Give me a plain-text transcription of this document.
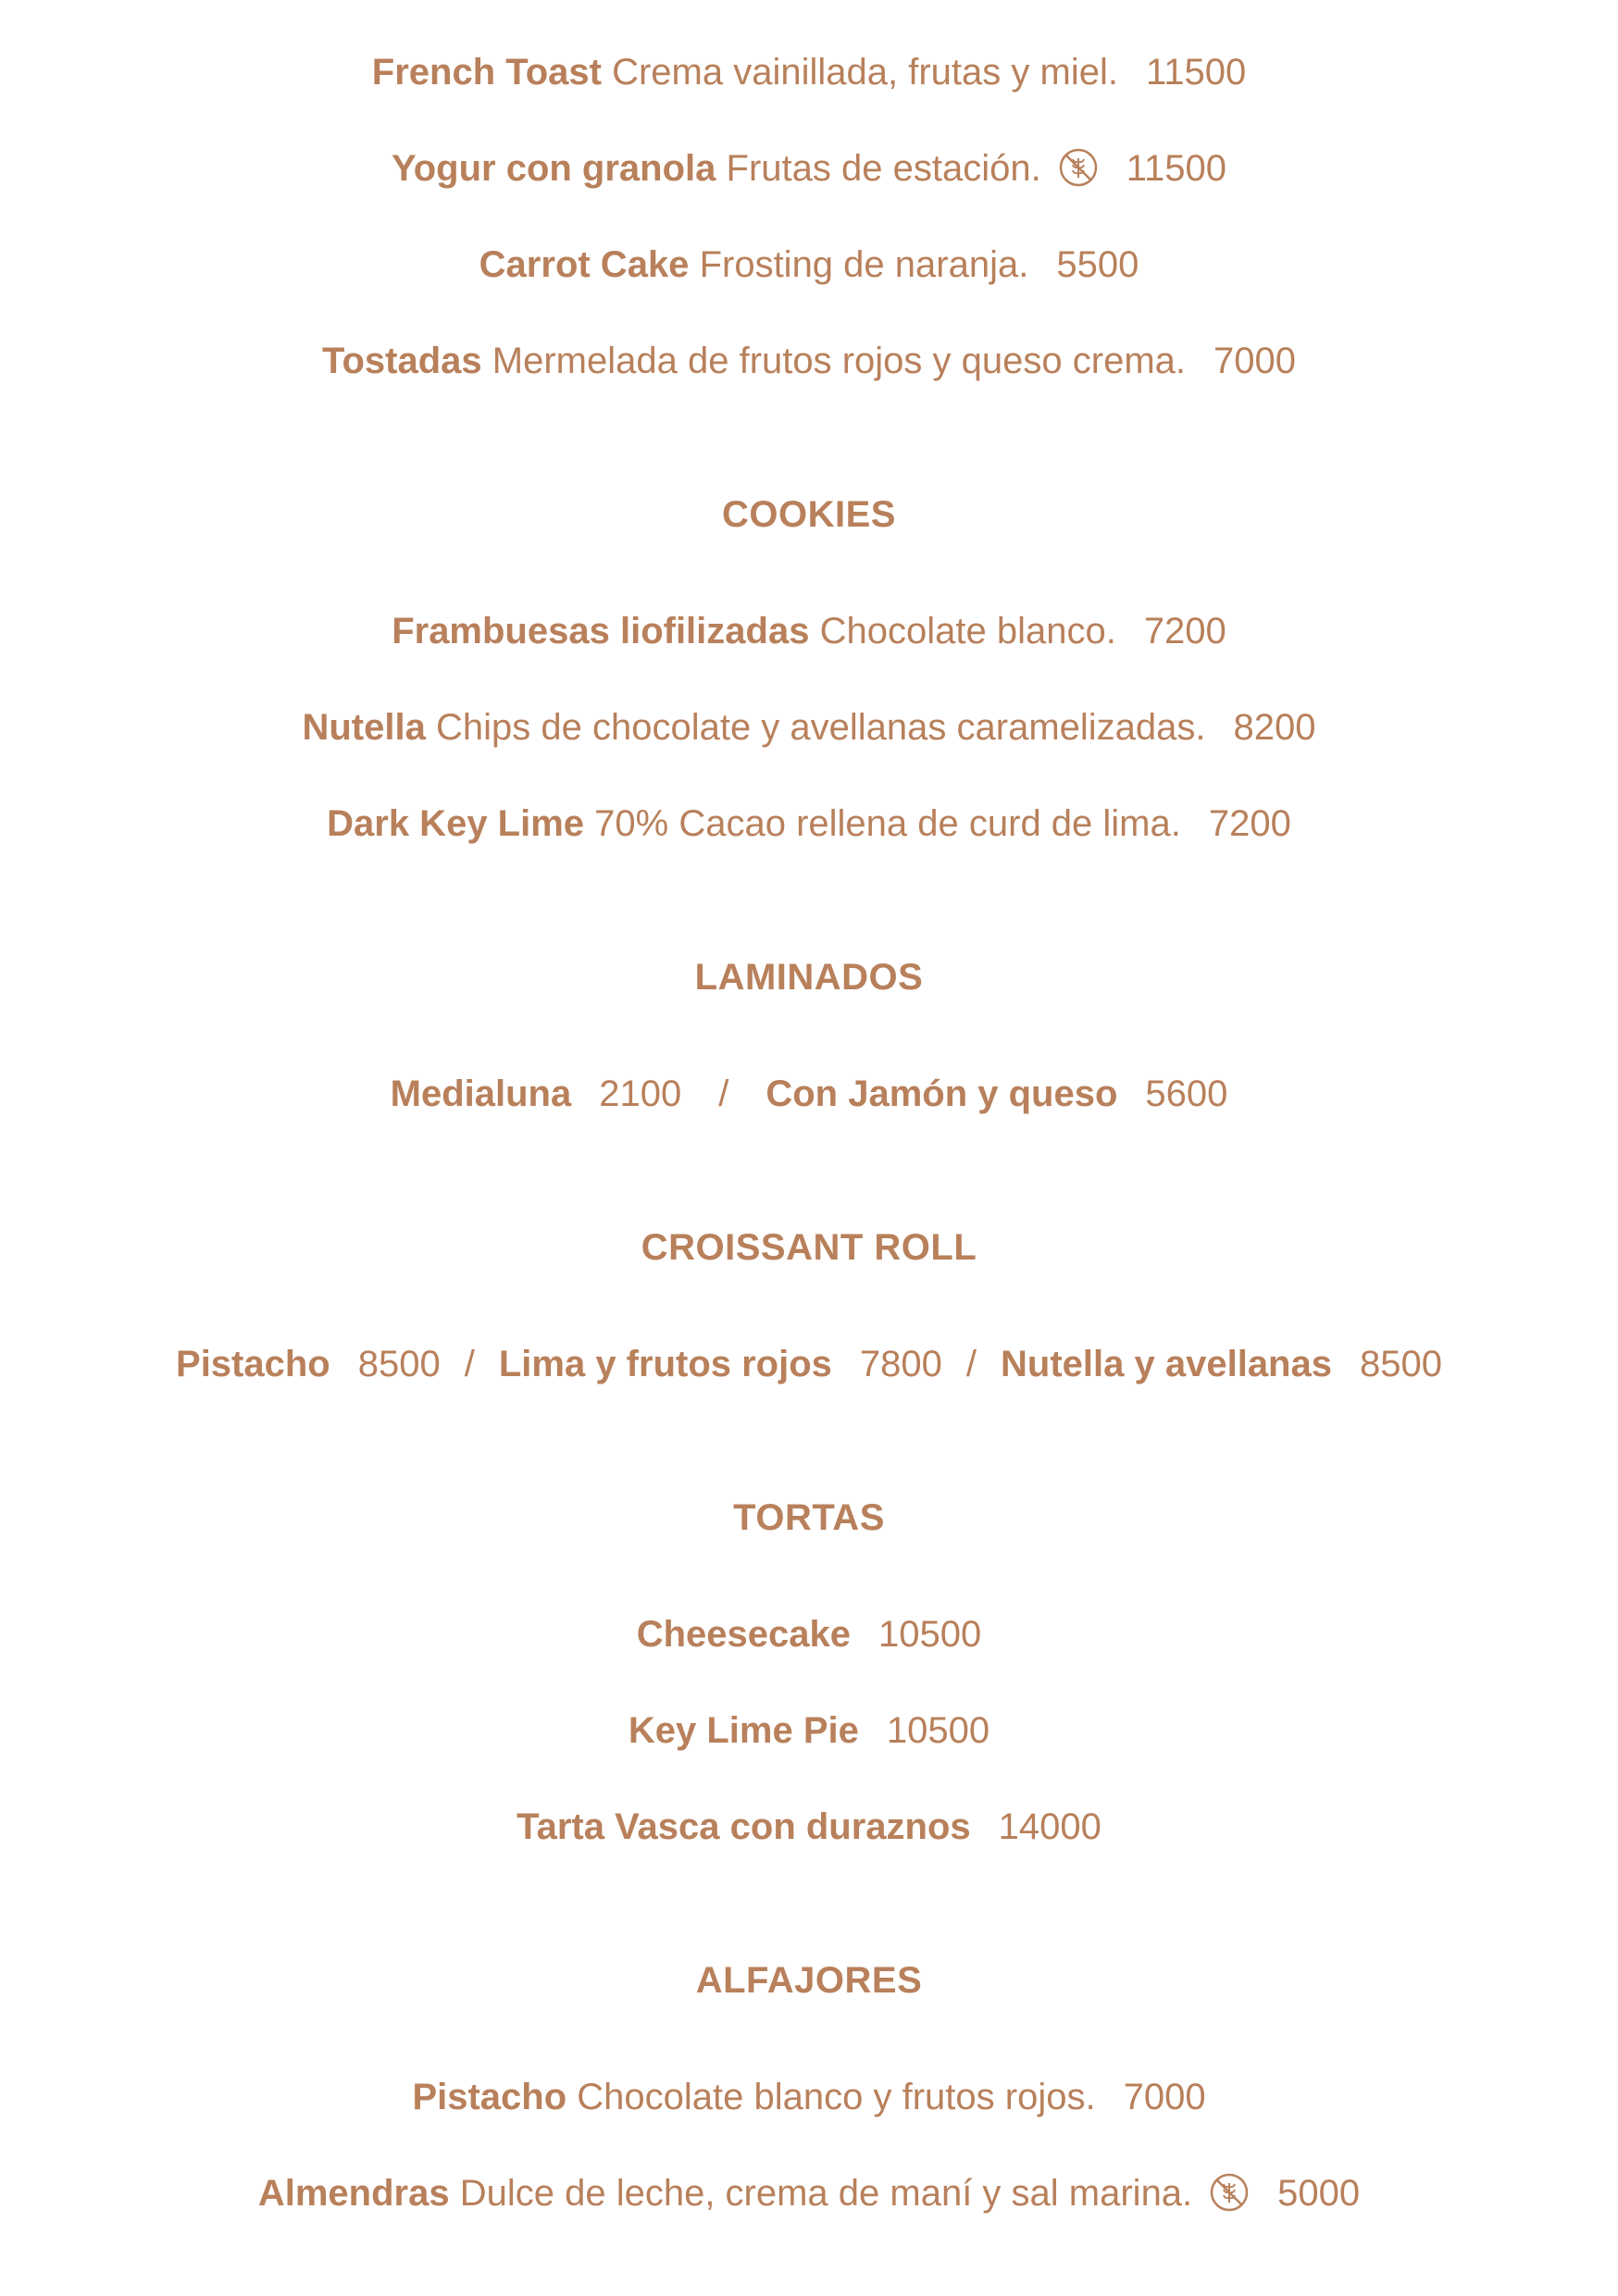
French Toast Crema vainillada, frutas y miel. 11500
Yogur con granola Frutas de estación. 11500
Carrot Cake Frosting de naranja. 5500
Tostadas Mermelada de frutos rojos y queso crema. 7000
COOKIES
Frambuesas liofilizadas Chocolate blanco. 7200
Nutella Chips de chocolate y avellanas caramelizadas. 8200
Dark Key Lime 70% Cacao rellena de curd de lima. 7200
LAMINADOS
Medialuna 2100 / Con Jamón y queso 5600
CROISSANT ROLL
Pistacho 8500 / Lima y frutos rojos 7800 / Nutella y avellanas 8500
TORTAS
Cheesecake 10500
Key Lime Pie 10500
Tarta Vasca con duraznos 14000
ALFAJORES
Pistacho Chocolate blanco y frutos rojos. 7000
Almendras Dulce de leche, crema de maní y sal marina. 5000
